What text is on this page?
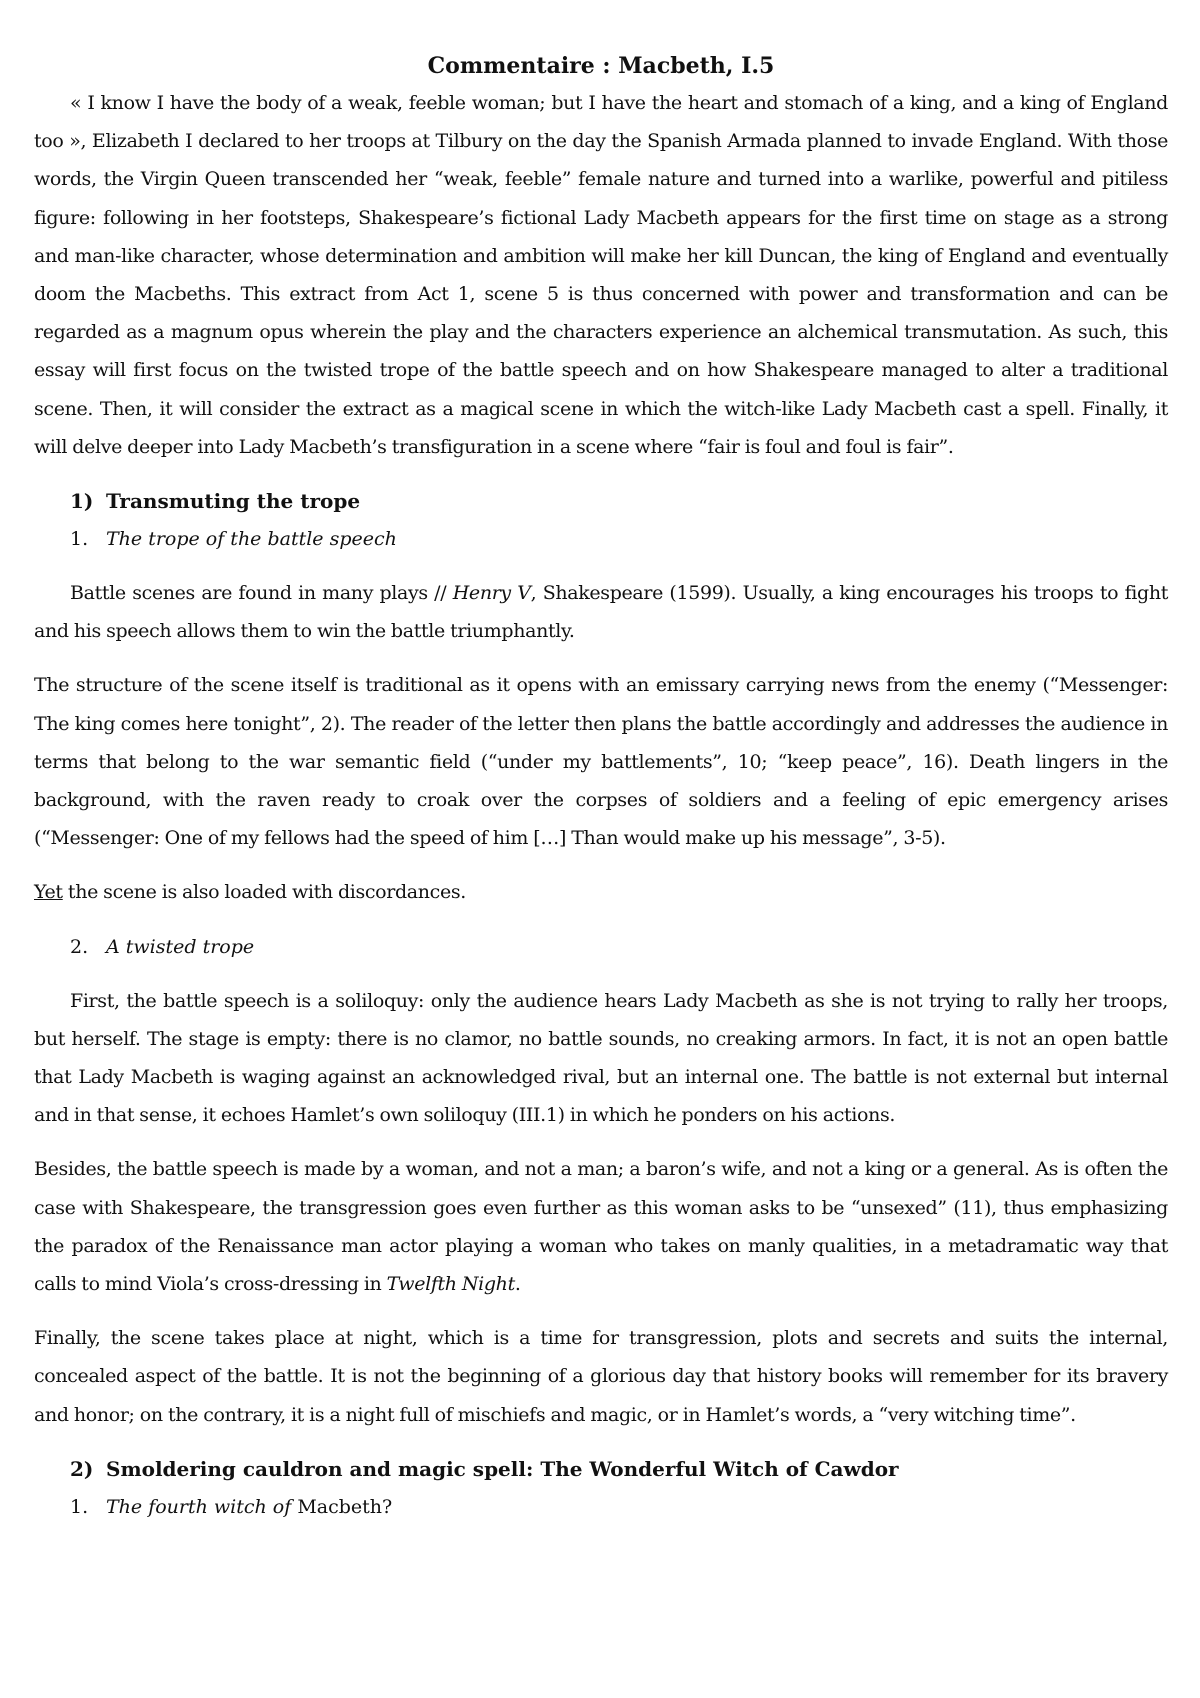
Commentaire : Macbeth, I.5

« I know I have the body of a weak, feeble woman; but I have the heart and stomach of a king, and a king of England too », Elizabeth I declared to her troops at Tilbury on the day the Spanish Armada planned to invade England. With those words, the Virgin Queen transcended her “weak, feeble” female nature and turned into a warlike, powerful and pitiless figure: following in her footsteps, Shakespeare’s fictional Lady Macbeth appears for the first time on stage as a strong and man-like character, whose determination and ambition will make her kill Duncan, the king of England and eventually doom the Macbeths. This extract from Act 1, scene 5 is thus concerned with power and transformation and can be regarded as a magnum opus wherein the play and the characters experience an alchemical transmutation. As such, this essay will first focus on the twisted trope of the battle speech and on how Shakespeare managed to alter a traditional scene. Then, it will consider the extract as a magical scene in which the witch-like Lady Macbeth cast a spell. Finally, it will delve deeper into Lady Macbeth’s transfiguration in a scene where “fair is foul and foul is fair”.

1) Transmuting the trope
1. The trope of the battle speech

Battle scenes are found in many plays // Henry V, Shakespeare (1599). Usually, a king encourages his troops to fight and his speech allows them to win the battle triumphantly.

The structure of the scene itself is traditional as it opens with an emissary carrying news from the enemy (“Messenger: The king comes here tonight”, 2). The reader of the letter then plans the battle accordingly and addresses the audience in terms that belong to the war semantic field (“under my battlements”, 10; “keep peace”, 16). Death lingers in the background, with the raven ready to croak over the corpses of soldiers and a feeling of epic emergency arises (“Messenger: One of my fellows had the speed of him […] Than would make up his message”, 3-5).

Yet the scene is also loaded with discordances.

2. A twisted trope

First, the battle speech is a soliloquy: only the audience hears Lady Macbeth as she is not trying to rally her troops, but herself. The stage is empty: there is no clamor, no battle sounds, no creaking armors. In fact, it is not an open battle that Lady Macbeth is waging against an acknowledged rival, but an internal one. The battle is not external but internal and in that sense, it echoes Hamlet’s own soliloquy (III.1) in which he ponders on his actions.

Besides, the battle speech is made by a woman, and not a man; a baron’s wife, and not a king or a general. As is often the case with Shakespeare, the transgression goes even further as this woman asks to be “unsexed” (11), thus emphasizing the paradox of the Renaissance man actor playing a woman who takes on manly qualities, in a metadramatic way that calls to mind Viola’s cross-dressing in Twelfth Night.

Finally, the scene takes place at night, which is a time for transgression, plots and secrets and suits the internal, concealed aspect of the battle. It is not the beginning of a glorious day that history books will remember for its bravery and honor; on the contrary, it is a night full of mischiefs and magic, or in Hamlet’s words, a “very witching time”.

2) Smoldering cauldron and magic spell: The Wonderful Witch of Cawdor
1. The fourth witch of Macbeth?
